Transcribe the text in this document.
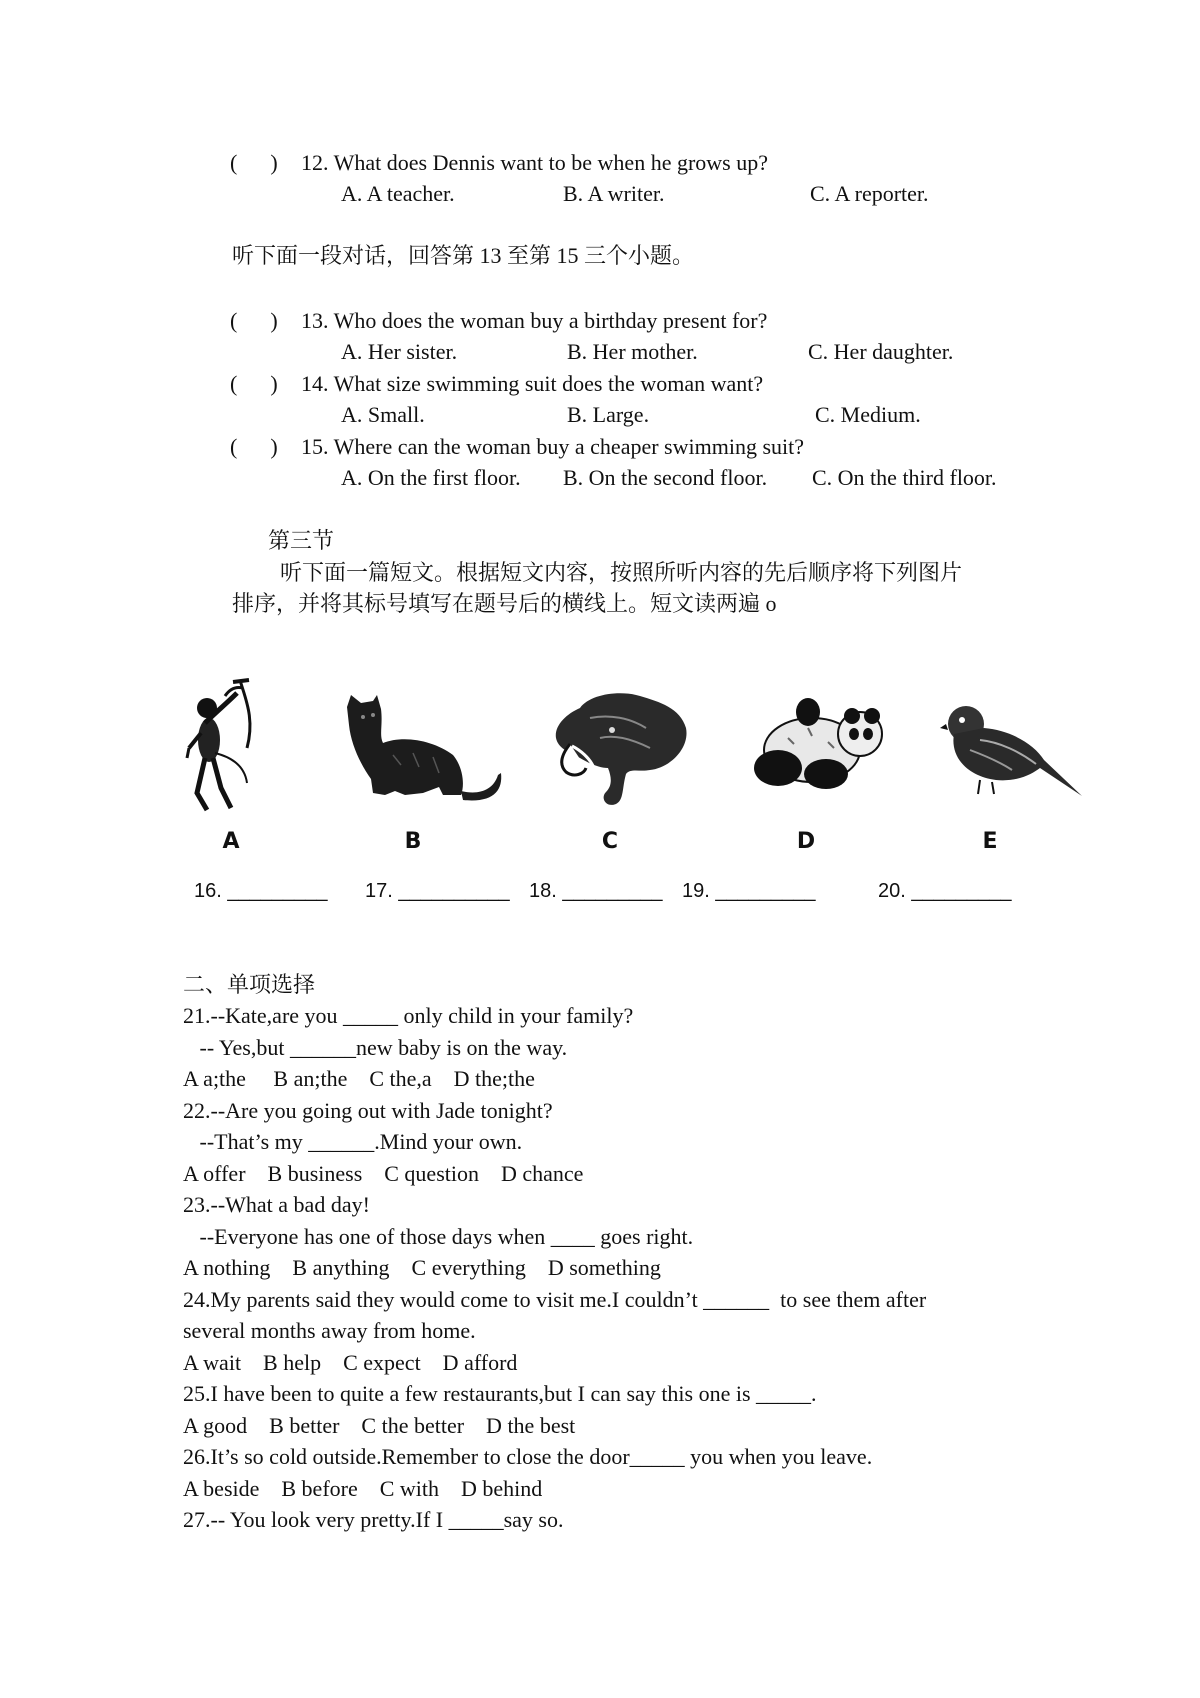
(      ) 12. What does Dennis want to be when he grows up?
A. A teacher.	B. A writer.	C. A reporter.
听下面一段对话，回答第 13 至第 15 三个小题。
(      ) 13. Who does the woman buy a birthday present for?
A. Her sister.	B. Her mother.	C. Her daughter.
(      ) 14. What size swimming suit does the woman want?
A. Small.	B. Large.	C. Medium.
(      ) 15. Where can the woman buy a cheaper swimming suit?
A. On the first floor. B. On the second floor. C. On the third floor.
第三节
听下面一篇短文。根据短文内容，按照所听内容的先后顺序将下列图片
排序，并将其标号填写在题号后的横线上。短文读两遍 o
A	B	C	D	E
16. _________ 17. __________ 18. _________ 19. _________	20. _________
二、单项选择
21.--Kate,are you _____ only child in your family?
-- Yes,but ______new baby is on the way.
A a;the     B an;the    C the,a    D the;the
22.--Are you going out with Jade tonight?
--That’s my ______.Mind your own.
A offer    B business    C question    D chance
23.--What a bad day!
--Everyone has one of those days when ____ goes right.
A nothing    B anything    C everything    D something
24.My parents said they would come to visit me.I couldn’t ______  to see them after
several months away from home.
A wait    B help    C expect    D afford
25.I have been to quite a few restaurants,but I can say this one is _____.
A good    B better    C the better    D the best
26.It’s so cold outside.Remember to close the door_____ you when you leave.
A beside    B before    C with    D behind
27.-- You look very pretty.If I _____say so.
